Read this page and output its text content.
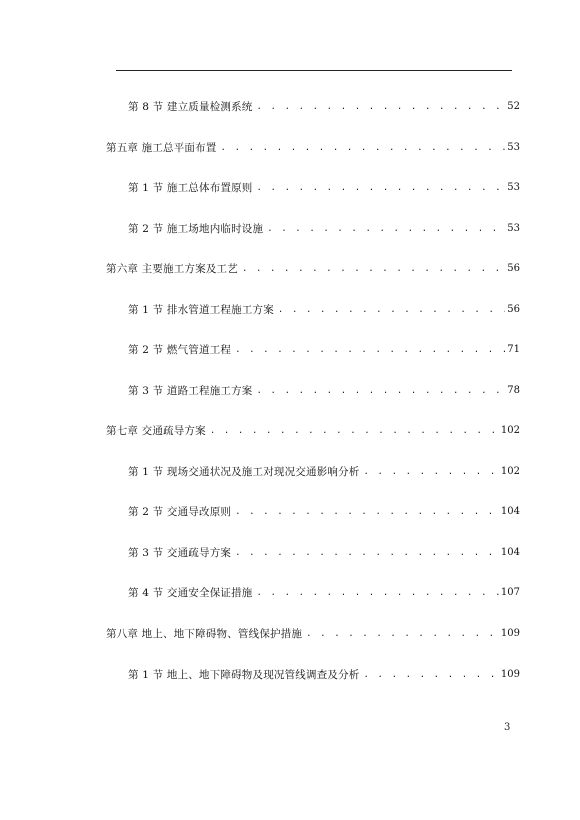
第 8 节 建立质量检测系统 . . .	52
第五章 施工总平面布置 . . .	53
第 1 节 施工总体布置原则 . . .	53
第 2 节 施工场地内临时设施 . . .	53
第六章 主要施工方案及工艺 . . .	56
第 1 节 排水管道工程施工方案 . . .	56
第 2 节 燃气管道工程 . . .	71
第 3 节 道路工程施工方案 . . .	78
第七章 交通疏导方案 . . .	102
第 1 节 现场交通状况及施工对现况交通影响分析 . . .	102
第 2 节 交通导改原则 . . .	104
第 3 节 交通疏导方案 . . .	104
第 4 节 交通安全保证措施 . . .	107
第八章 地上、地下障碍物、管线保护措施 . . .	109
第 1 节 地上、地下障碍物及现况管线调查及分析 . . .	109
3
